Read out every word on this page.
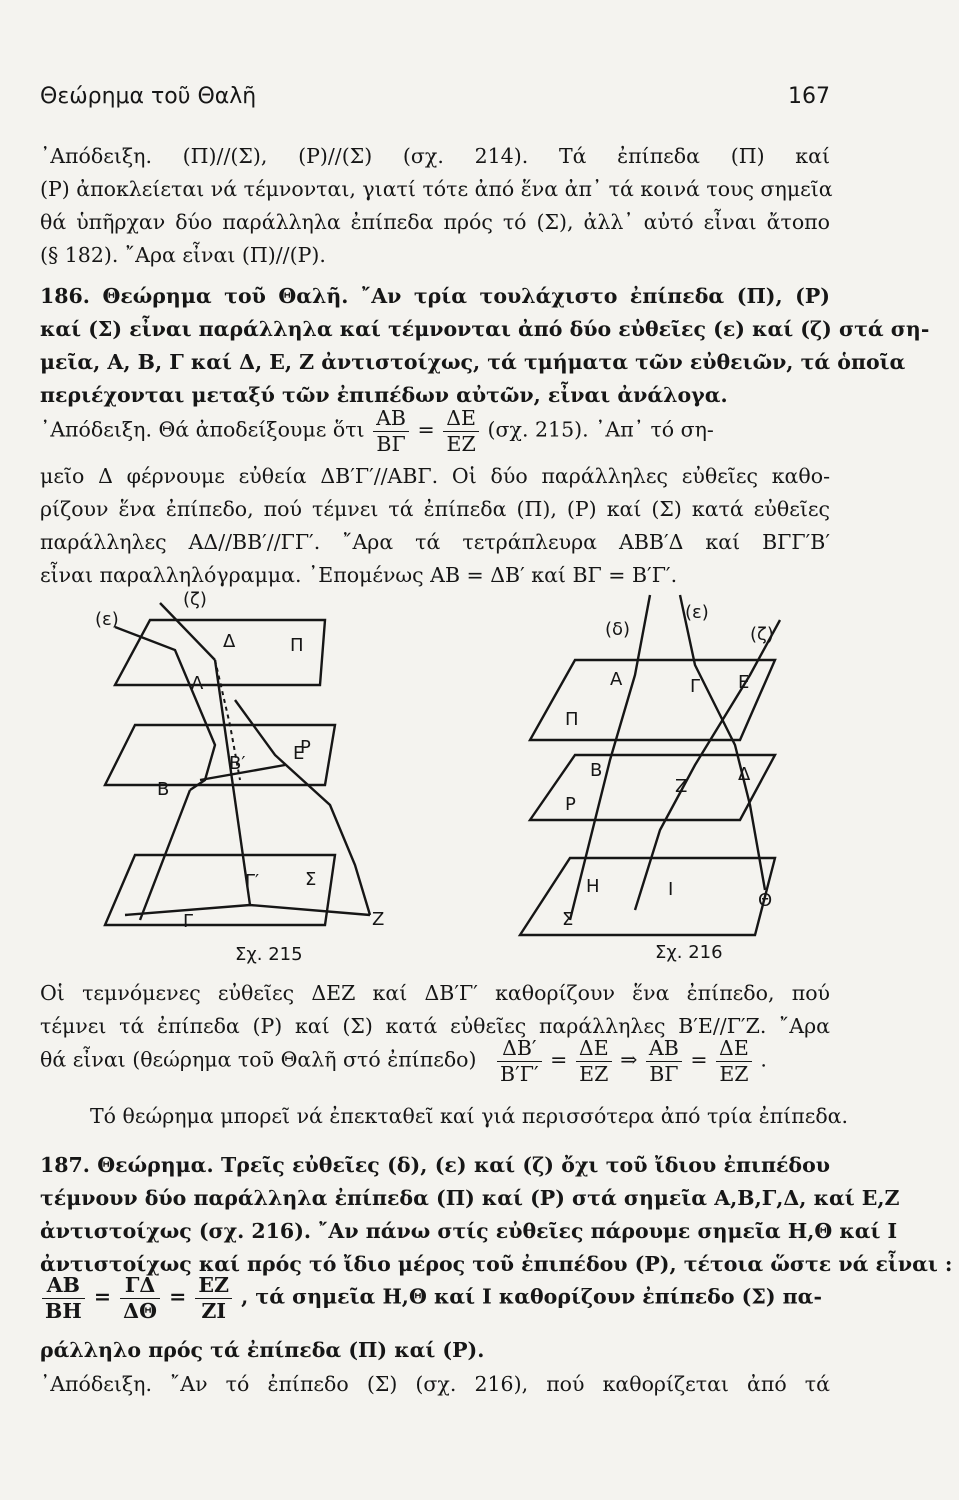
Θεώρημα τοῦ Θαλῆ	167
᾿Απόδειξη. (Π)//(Σ), (Ρ)//(Σ) (σχ. 214). Τά ἐπίπεδα (Π) καί
(Ρ) ἀποκλείεται νά τέμνονται, γιατί τότε ἀπό ἕνα ἀπ᾿ τά κοινά τους σημεῖα
θά ὑπῆρχαν δύο παράλληλα ἐπίπεδα πρός τό (Σ), ἀλλ᾿ αὐτό εἶναι ἄτοπο
(§ 182). ῎Αρα εἶναι (Π)//(Ρ).
186. Θεώρημα τοῦ Θαλῆ. ῎Αν τρία τουλάχιστο ἐπίπεδα (Π), (Ρ)
καί (Σ) εἶναι παράλληλα καί τέμνονται ἀπό δύο εὐθεῖες (ε) καί (ζ) στά ση-
μεῖα, Α, Β, Γ καί Δ, Ε, Ζ ἀντιστοίχως, τά τμήματα τῶν εὐθειῶν, τά ὁποῖα
περιέχονται μεταξύ τῶν ἐπιπέδων αὐτῶν, εἶναι ἀνάλογα.
᾿Απόδειξη. Θά ἀποδείξουμε ὅτι $\frac{AB}{B\Gamma} = \frac{\Delta E}{EZ} (\sigma\chi$. 215). ᾿Απ᾿ τό ση-
μεῖο Δ φέρνουμε εὐθεία ΔΒ′Γ′//ΑΒΓ. Οἱ δύο παράλληλες εὐθεῖες καθο-
ρίζουν ἕνα ἐπίπεδο, πού τέμνει τά ἐπίπεδα (Π), (Ρ) καί (Σ) κατά εὐθεῖες
παράλληλες ΑΔ//ΒΒ′//ΓΓ′. ῎Αρα τά τετράπλευρα ΑΒΒ′Δ καί ΒΓΓ′Β′
εἶναι παραλληλόγραμμα. ᾿Επομένως ΑΒ = ΔΒ′ καί ΒΓ = Β′Γ′.
(ε)
(ζ)
Π
Ρ
Σ
Α
Δ
Β
Β′	Ε
Γ′
Γ	Ζ
Σχ. 215
(δ)
(ε)
(ζ)
Π
Ρ
Σ
Α	Γ Ε
Β	Δ
Ζ
Η	Ι
Θ
Σχ. 216
Οἱ τεμνόμενες εὐθεῖες ΔΕΖ καί ΔΒ′Γ′ καθορίζουν ἕνα ἐπίπεδο, πού
τέμνει τά ἐπίπεδα (Ρ) καί (Σ) κατά εὐθεῖες παράλληλες Β′Ε//Γ′Ζ. ῎Αρα
θά εἶναι (θεώρημα τοῦ Θαλῆ στό ἐπίπεδο) $\frac{\Delta B'}{B'\Gamma'} = \frac{\Delta E}{EZ}$ ⇒ $\frac{AB}{B\Gamma} = \frac{\Delta E}{EZ}$ .
Τό θεώρημα μπορεῖ νά ἐπεκταθεῖ καί γιά περισσότερα ἀπό τρία ἐπίπεδα.
187. Θεώρημα. Τρεῖς εὐθεῖες (δ), (ε) καί (ζ) ὄχι τοῦ ἴδιου ἐπιπέδου
τέμνουν δύο παράλληλα ἐπίπεδα (Π) καί (Ρ) στά σημεῖα Α,Β,Γ,Δ, καί Ε,Ζ
ἀντιστοίχως (σχ. 216). ῎Αν πάνω στίς εὐθεῖες πάρουμε σημεῖα Η,Θ καί Ι
ἀντιστοίχως καί πρός τό ἴδιο μέρος τοῦ ἐπιπέδου (Ρ), τέτοια ὥστε νά εἶναι :
$\frac{AB}{BH} = \frac{\Gamma\Delta}{\Delta\Theta} = \frac{EZ}{ZI}$ , τά σημεῖα Η,Θ καί Ι καθορίζουν ἐπίπεδο (Σ) πα-
ράλληλο πρός τά ἐπίπεδα (Π) καί (Ρ).
᾿Απόδειξη. ῎Αν τό ἐπίπεδο (Σ) (σχ. 216), πού καθορίζεται ἀπό τά
